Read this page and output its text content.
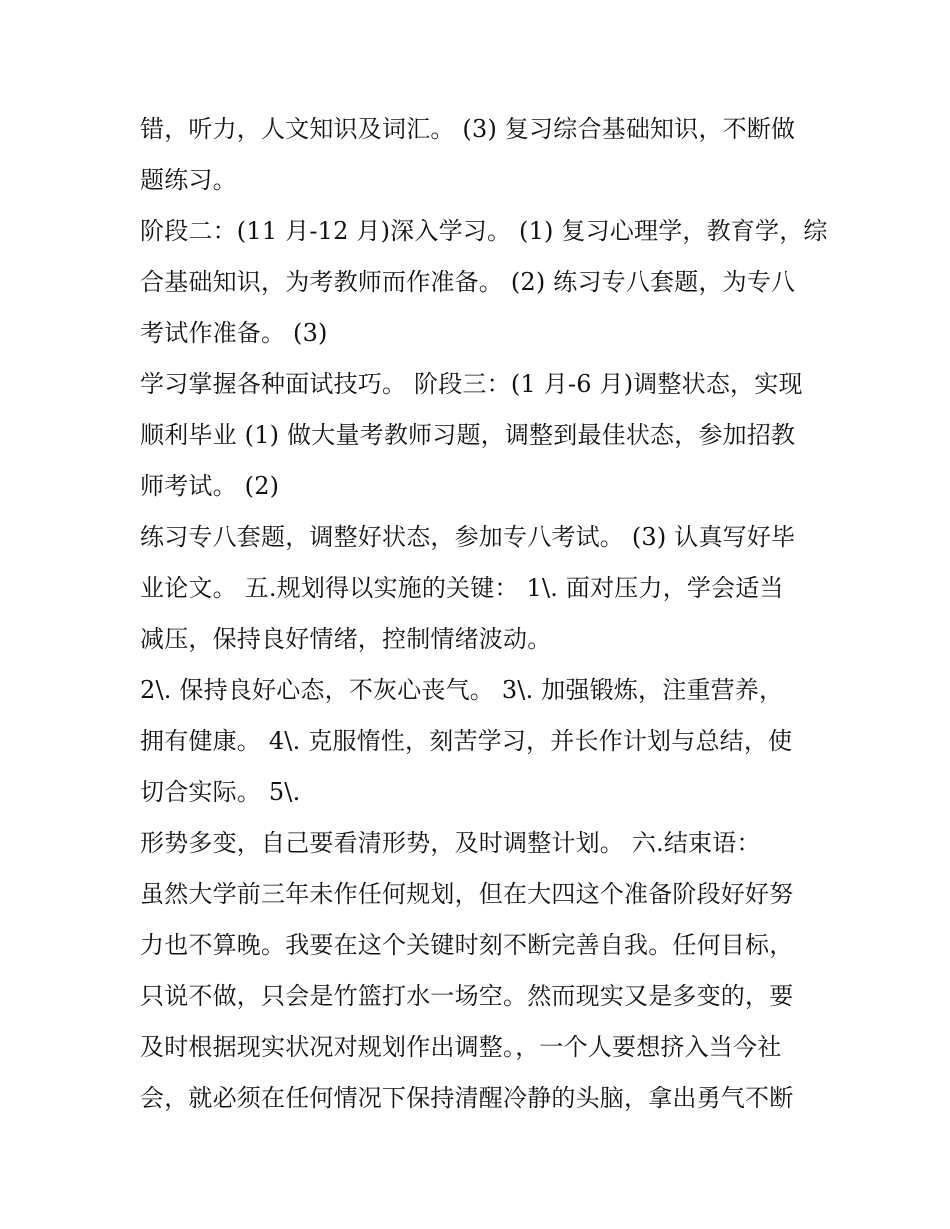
错，听力，人文知识及词汇。 (3) 复习综合基础知识，不断做
题练习。
阶段二：(11 月-12 月)深入学习。 (1) 复习心理学，教育学，综
合基础知识，为考教师而作准备。 (2) 练习专八套题，为专八
考试作准备。 (3)
学习掌握各种面试技巧。 阶段三：(1 月-6 月)调整状态，实现
顺利毕业 (1) 做大量考教师习题，调整到最佳状态，参加招教
师考试。 (2)
练习专八套题，调整好状态，参加专八考试。 (3) 认真写好毕
业论文。 五.规划得以实施的关键： 1\. 面对压力，学会适当
减压，保持良好情绪，控制情绪波动。
2\. 保持良好心态，不灰心丧气。 3\. 加强锻炼，注重营养，
拥有健康。 4\. 克服惰性，刻苦学习，并长作计划与总结，使
切合实际。 5\.
形势多变，自己要看清形势，及时调整计划。 六.结束语：
虽然大学前三年未作任何规划，但在大四这个准备阶段好好努
力也不算晚。我要在这个关键时刻不断完善自我。任何目标，
只说不做，只会是竹篮打水一场空。然而现实又是多变的，要
及时根据现实状况对规划作出调整。，一个人要想挤入当今社
会，就必须在任何情况下保持清醒冷静的头脑，拿出勇气不断
